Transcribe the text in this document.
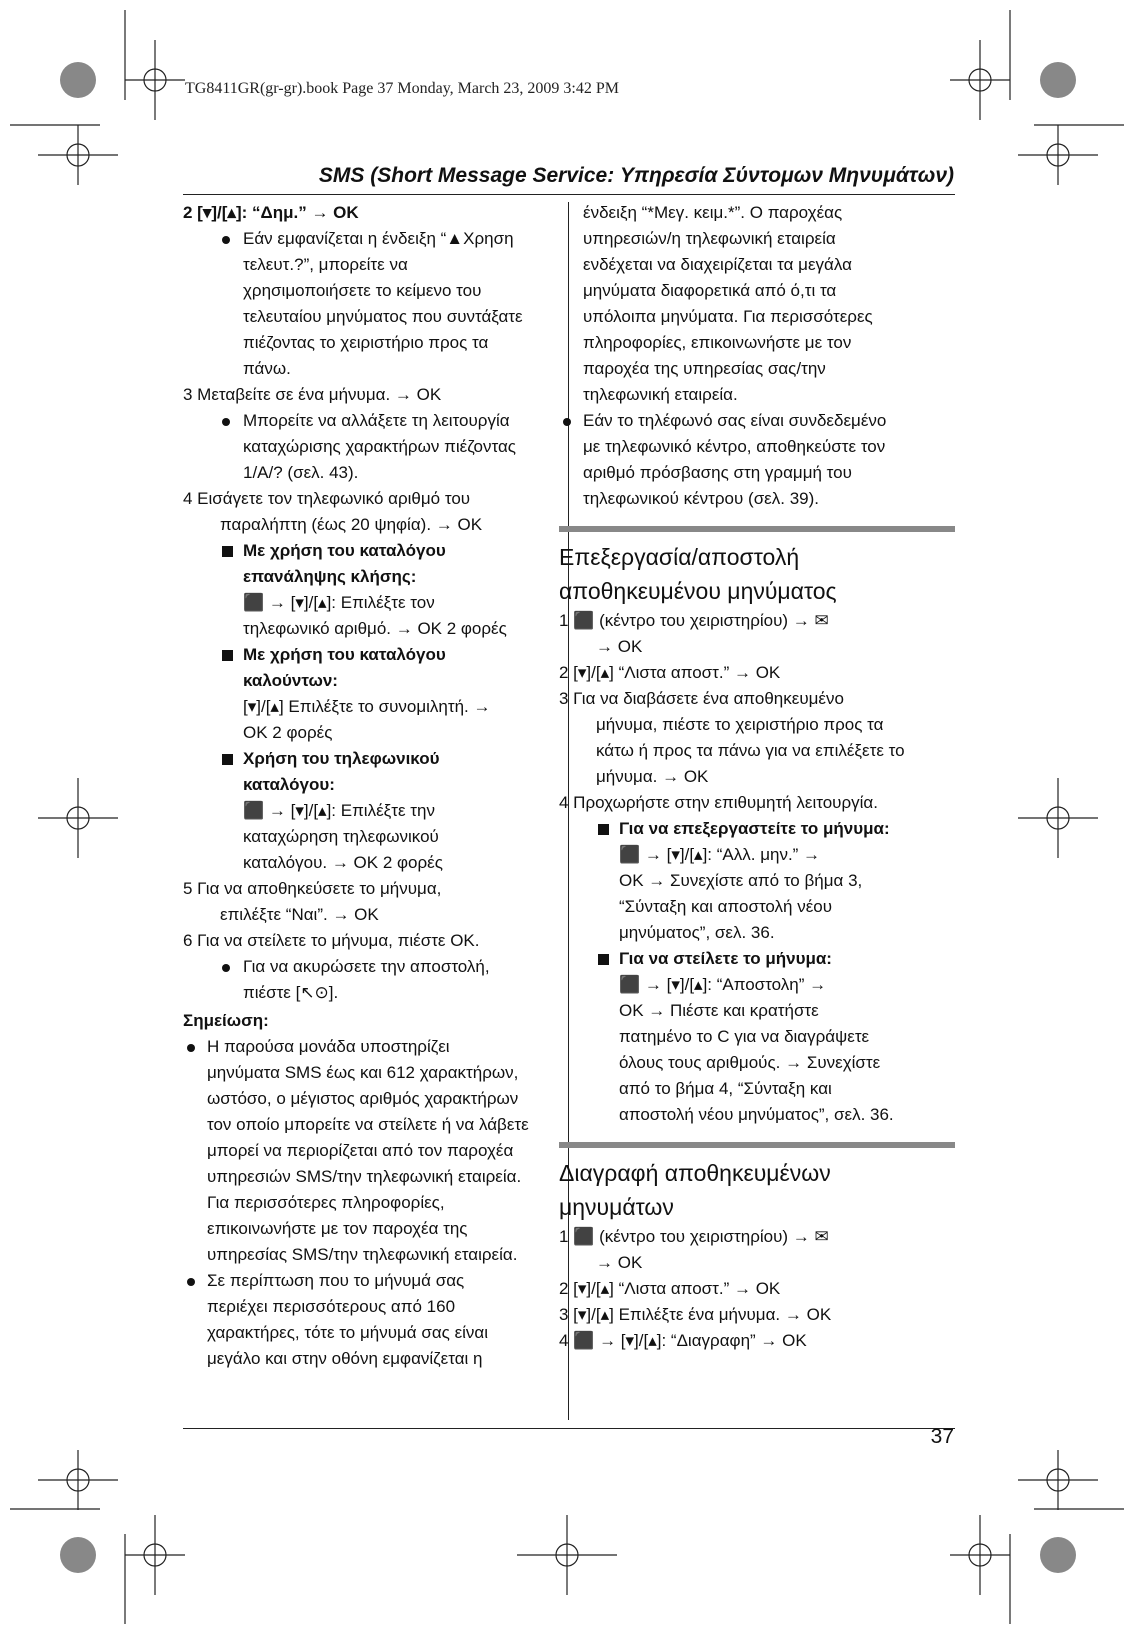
TG8411GR(gr-gr).book Page 37 Monday, March 23, 2009 3:42 PM
SMS (Short Message Service: Υπηρεσία Σύντομων Μηνυμάτων)
2 [▾]/[▴]: “Δημ.” → OK
Εάν εμφανίζεται η ένδειξη “▲Χρηση
τελευτ.?”, μπορείτε να
χρησιμοποιήσετε το κείμενο του
τελευταίου μηνύματος που συντάξατε
πιέζοντας το χειριστήριο προς τα
πάνω.
3 Μεταβείτε σε ένα μήνυμα. → OK
Μπορείτε να αλλάξετε τη λειτουργία
καταχώρισης χαρακτήρων πιέζοντας
1/A/? (σελ. 43).
4 Εισάγετε τον τηλεφωνικό αριθμό του
παραλήπτη (έως 20 ψηφία). → OK
Με χρήση του καταλόγου
επανάληψης κλήσης:
⬛ → [▾]/[▴]: Επιλέξτε τον
τηλεφωνικό αριθμό. → OK 2 φορές
Με χρήση του καταλόγου
καλούντων:
[▾]/[▴] Επιλέξτε το συνομιλητή. →
OK 2 φορές
Χρήση του τηλεφωνικού
καταλόγου:
⬛ → [▾]/[▴]: Επιλέξτε την
καταχώρηση τηλεφωνικού
καταλόγου. → OK 2 φορές
5 Για να αποθηκεύσετε το μήνυμα,
επιλέξτε “Ναι”. → OK
6 Για να στείλετε το μήνυμα, πιέστε OK.
Για να ακυρώσετε την αποστολή,
πιέστε [↖⊙].
Σημείωση:
Η παρούσα μονάδα υποστηρίζει
μηνύματα SMS έως και 612 χαρακτήρων,
ωστόσο, ο μέγιστος αριθμός χαρακτήρων
τον οποίο μπορείτε να στείλετε ή να λάβετε
μπορεί να περιορίζεται από τον παροχέα
υπηρεσιών SMS/την τηλεφωνική εταιρεία.
Για περισσότερες πληροφορίες,
επικοινωνήστε με τον παροχέα της
υπηρεσίας SMS/την τηλεφωνική εταιρεία.
Σε περίπτωση που το μήνυμά σας
περιέχει περισσότερους από 160
χαρακτήρες, τότε το μήνυμά σας είναι
μεγάλο και στην οθόνη εμφανίζεται η
ένδειξη “*Μεγ. κειμ.*”. Ο παροχέας
υπηρεσιών/η τηλεφωνική εταιρεία
ενδέχεται να διαχειρίζεται τα μεγάλα
μηνύματα διαφορετικά από ό,τι τα
υπόλοιπα μηνύματα. Για περισσότερες
πληροφορίες, επικοινωνήστε με τον
παροχέα της υπηρεσίας σας/την
τηλεφωνική εταιρεία.
Εάν το τηλέφωνό σας είναι συνδεδεμένο
με τηλεφωνικό κέντρο, αποθηκεύστε τον
αριθμό πρόσβασης στη γραμμή του
τηλεφωνικού κέντρου (σελ. 39).
Επεξεργασία/αποστολή
αποθηκευμένου μηνύματος
1 ⬛ (κέντρο του χειριστηρίου) → ✉
→ OK
2 [▾]/[▴] “Λιστα αποστ.” → OK
3 Για να διαβάσετε ένα αποθηκευμένο
μήνυμα, πιέστε το χειριστήριο προς τα
κάτω ή προς τα πάνω για να επιλέξετε το
μήνυμα. → OK
4 Προχωρήστε στην επιθυμητή λειτουργία.
Για να επεξεργαστείτε το μήνυμα:
⬛ → [▾]/[▴]: “Αλλ. μην.” →
OK → Συνεχίστε από το βήμα 3,
“Σύνταξη και αποστολή νέου
μηνύματος”, σελ. 36.
Για να στείλετε το μήνυμα:
⬛ → [▾]/[▴]: “Αποστολη” →
OK → Πιέστε και κρατήστε
πατημένο το C για να διαγράψετε
όλους τους αριθμούς. → Συνεχίστε
από το βήμα 4, “Σύνταξη και
αποστολή νέου μηνύματος”, σελ. 36.
Διαγραφή αποθηκευμένων
μηνυμάτων
1 ⬛ (κέντρο του χειριστηρίου) → ✉
→ OK
2 [▾]/[▴] “Λιστα αποστ.” → OK
3 [▾]/[▴] Επιλέξτε ένα μήνυμα. → OK
4 ⬛ → [▾]/[▴]: “Διαγραφη” → OK
37
